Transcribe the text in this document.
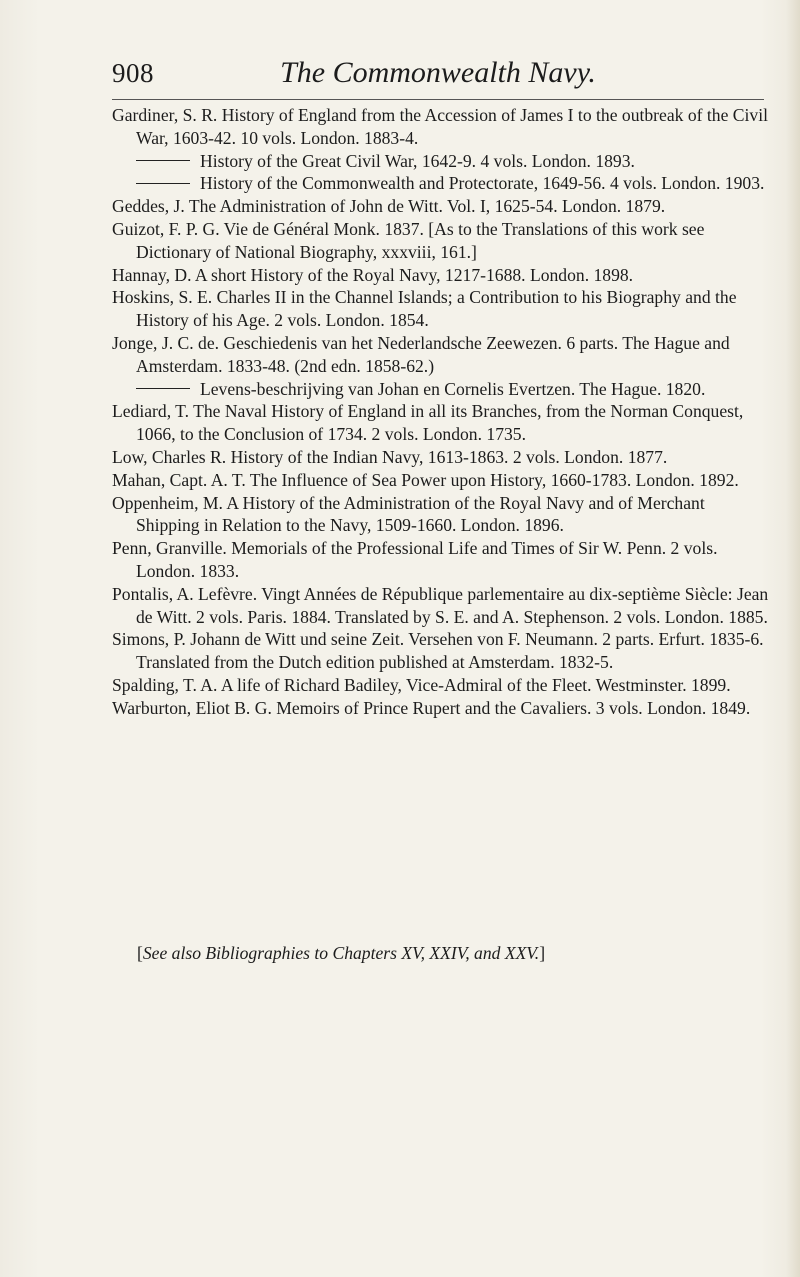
908	The Commonwealth Navy.
Gardiner, S. R. History of England from the Accession of James I to the outbreak of the Civil War, 1603-42. 10 vols. London. 1883-4.
History of the Great Civil War, 1642-9. 4 vols. London. 1893.
History of the Commonwealth and Protectorate, 1649-56. 4 vols. London. 1903.
Geddes, J. The Administration of John de Witt. Vol. I, 1625-54. London. 1879.
Guizot, F. P. G. Vie de Général Monk. 1837. [As to the Translations of this work see Dictionary of National Biography, xxxviii, 161.]
Hannay, D. A short History of the Royal Navy, 1217-1688. London. 1898.
Hoskins, S. E. Charles II in the Channel Islands; a Contribution to his Biography and the History of his Age. 2 vols. London. 1854.
Jonge, J. C. de. Geschiedenis van het Nederlandsche Zeewezen. 6 parts. The Hague and Amsterdam. 1833-48. (2nd edn. 1858-62.)
Levens-beschrijving van Johan en Cornelis Evertzen. The Hague. 1820.
Lediard, T. The Naval History of England in all its Branches, from the Norman Conquest, 1066, to the Conclusion of 1734. 2 vols. London. 1735.
Low, Charles R. History of the Indian Navy, 1613-1863. 2 vols. London. 1877.
Mahan, Capt. A. T. The Influence of Sea Power upon History, 1660-1783. London. 1892.
Oppenheim, M. A History of the Administration of the Royal Navy and of Merchant Shipping in Relation to the Navy, 1509-1660. London. 1896.
Penn, Granville. Memorials of the Professional Life and Times of Sir W. Penn. 2 vols. London. 1833.
Pontalis, A. Lefèvre. Vingt Années de République parlementaire au dix-septième Siècle: Jean de Witt. 2 vols. Paris. 1884. Translated by S. E. and A. Stephenson. 2 vols. London. 1885.
Simons, P. Johann de Witt und seine Zeit. Versehen von F. Neumann. 2 parts. Erfurt. 1835-6. Translated from the Dutch edition published at Amsterdam. 1832-5.
Spalding, T. A. A life of Richard Badiley, Vice-Admiral of the Fleet. Westminster. 1899.
Warburton, Eliot B. G. Memoirs of Prince Rupert and the Cavaliers. 3 vols. London. 1849.
[See also Bibliographies to Chapters XV, XXIV, and XXV.]
